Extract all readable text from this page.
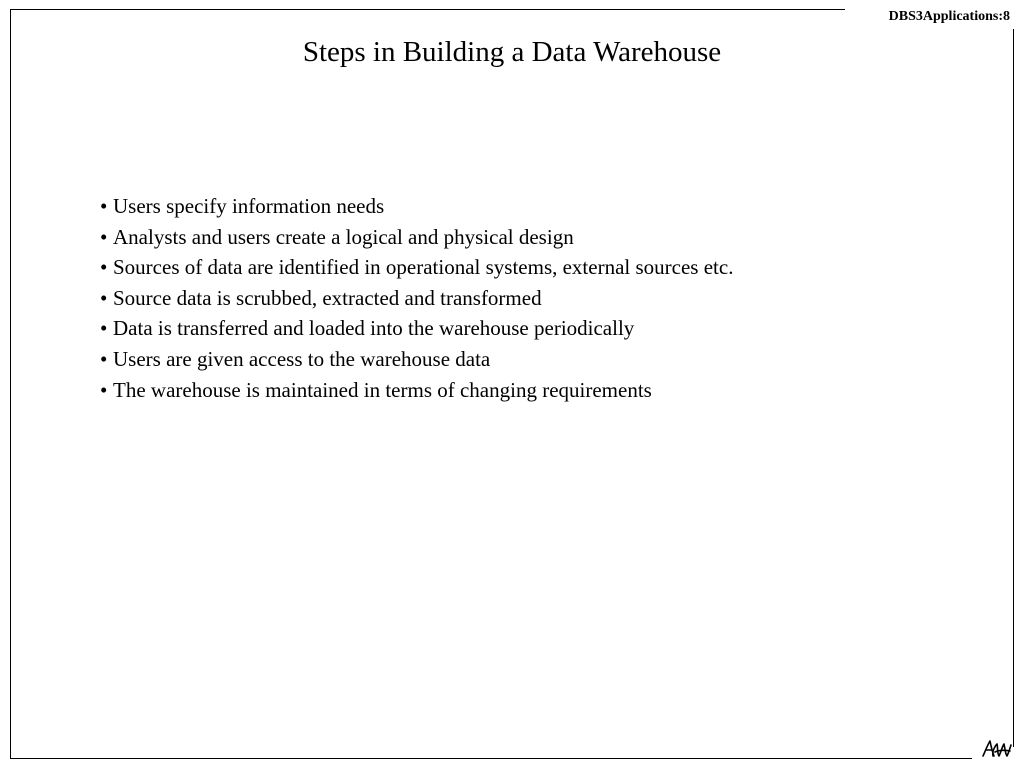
DBS3Applications:8
Steps in Building a Data Warehouse
• Users specify information needs
• Analysts and users create a logical and physical design
• Sources of data are identified in operational systems, external sources etc.
• Source data is scrubbed, extracted and transformed
• Data is transferred and loaded into the warehouse periodically
• Users are given access to the warehouse data
• The warehouse is maintained in terms of changing requirements
